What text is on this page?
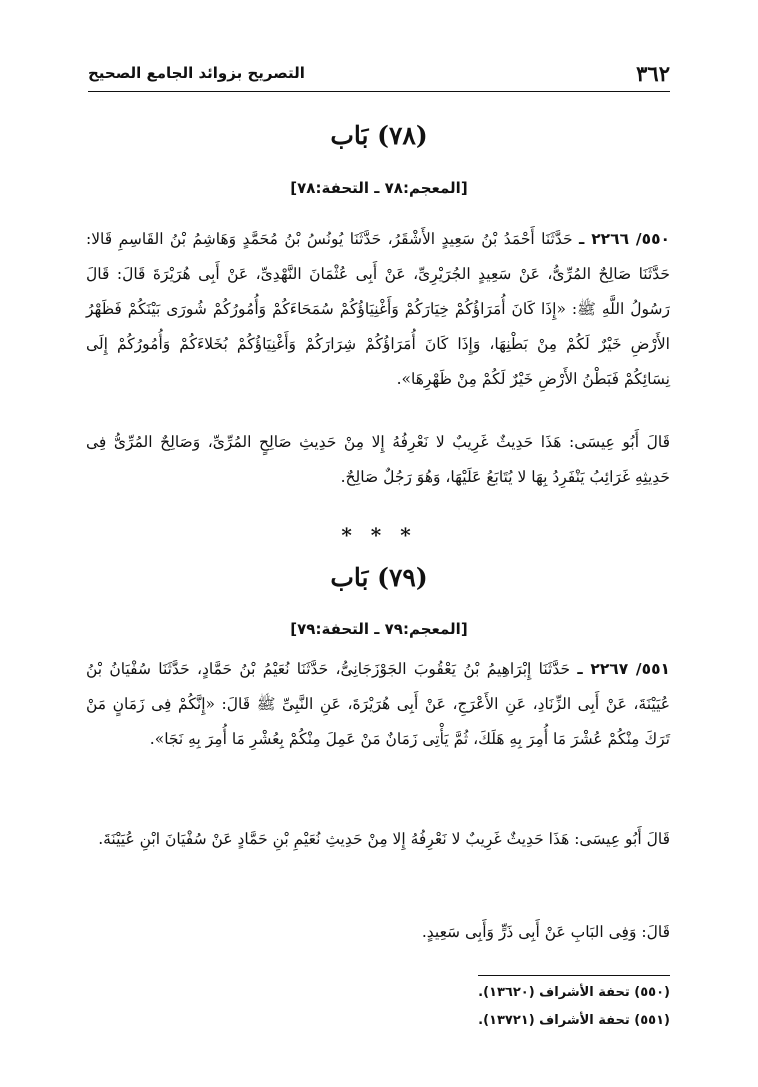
٣٦٢
التصريح بزوائد الجامع الصحيح
(٧٨) بَاب
[المعجم:٧٨ ـ التحفة:٧٨]
٥٥٠/ ٢٢٦٦ ـ حَدَّثَنَا أَحْمَدُ بْنُ سَعِيدٍ الأَشْقَرُ، حَدَّثَنَا يُونُسُ بْنُ مُحَمَّدٍ وَهَاشِمُ بْنُ القَاسِمِ قَالا: حَدَّثَنَا صَالِحٌ المُرِّىُّ، عَنْ سَعِيدٍ الجُرَيْرِىِّ، عَنْ أَبِى عُثْمَانَ النَّهْدِىِّ، عَنْ أَبِى هُرَيْرَةَ قَالَ: قَالَ رَسُولُ اللَّهِ ﷺ: «إِذَا كَانَ أُمَرَاؤُكُمْ خِيَارَكُمْ وَأَغْنِيَاؤُكُمْ سُمَحَاءَكُمْ وَأُمُورُكُمْ شُورَى بَيْنَكُمْ فَظَهْرُ الأَرْضِ خَيْرٌ لَكُمْ مِنْ بَطْنِهَا، وَإِذَا كَانَ أُمَرَاؤُكُمْ شِرَارَكُمْ وَأَغْنِيَاؤُكُمْ بُخَلاءَكُمْ وَأُمُورُكُمْ إِلَى نِسَائِكُمْ فَبَطْنُ الأَرْضِ خَيْرٌ لَكُمْ مِنْ ظَهْرِهَا».
قَالَ أَبُو عِيسَى: هَذَا حَدِيثٌ غَرِيبٌ لا نَعْرِفُهُ إِلا مِنْ حَدِيثِ صَالِحٍ المُرِّىِّ، وَصَالِحٌ المُرِّىُّ فِى حَدِيثِهِ غَرَائِبُ يَنْفَرِدُ بِهَا لا يُتَابَعُ عَلَيْهَا، وَهُوَ رَجُلٌ صَالِحٌ.
* * *
(٧٩) بَاب
[المعجم:٧٩ ـ التحفة:٧٩]
٥٥١/ ٢٢٦٧ ـ حَدَّثَنَا إِبْرَاهِيمُ بْنُ يَعْقُوبَ الجَوْزَجَانِىُّ، حَدَّثَنَا نُعَيْمُ بْنُ حَمَّادٍ، حَدَّثَنَا سُفْيَانُ بْنُ عُيَيْنَةَ، عَنْ أَبِى الزِّنَادِ، عَنِ الأَعْرَجِ، عَنْ أَبِى هُرَيْرَةَ، عَنِ النَّبِىِّ ﷺ قَالَ: «إِنَّكُمْ فِى زَمَانٍ مَنْ تَرَكَ مِنْكُمْ عُشْرَ مَا أُمِرَ بِهِ هَلَكَ، ثُمَّ يَأْتِى زَمَانٌ مَنْ عَمِلَ مِنْكُمْ بِعُشْرِ مَا أُمِرَ بِهِ نَجَا».
قَالَ أَبُو عِيسَى: هَذَا حَدِيثٌ غَرِيبٌ لا نَعْرِفُهُ إِلا مِنْ حَدِيثِ نُعَيْمِ بْنِ حَمَّادٍ عَنْ سُفْيَانَ ابْنِ عُيَيْنَةَ.
قَالَ: وَفِى البَابِ عَنْ أَبِى ذَرٍّ وَأَبِى سَعِيدٍ.
(٥٥٠) تحفة الأشراف (١٣٦٢٠).
(٥٥١) تحفة الأشراف (١٣٧٢١).
